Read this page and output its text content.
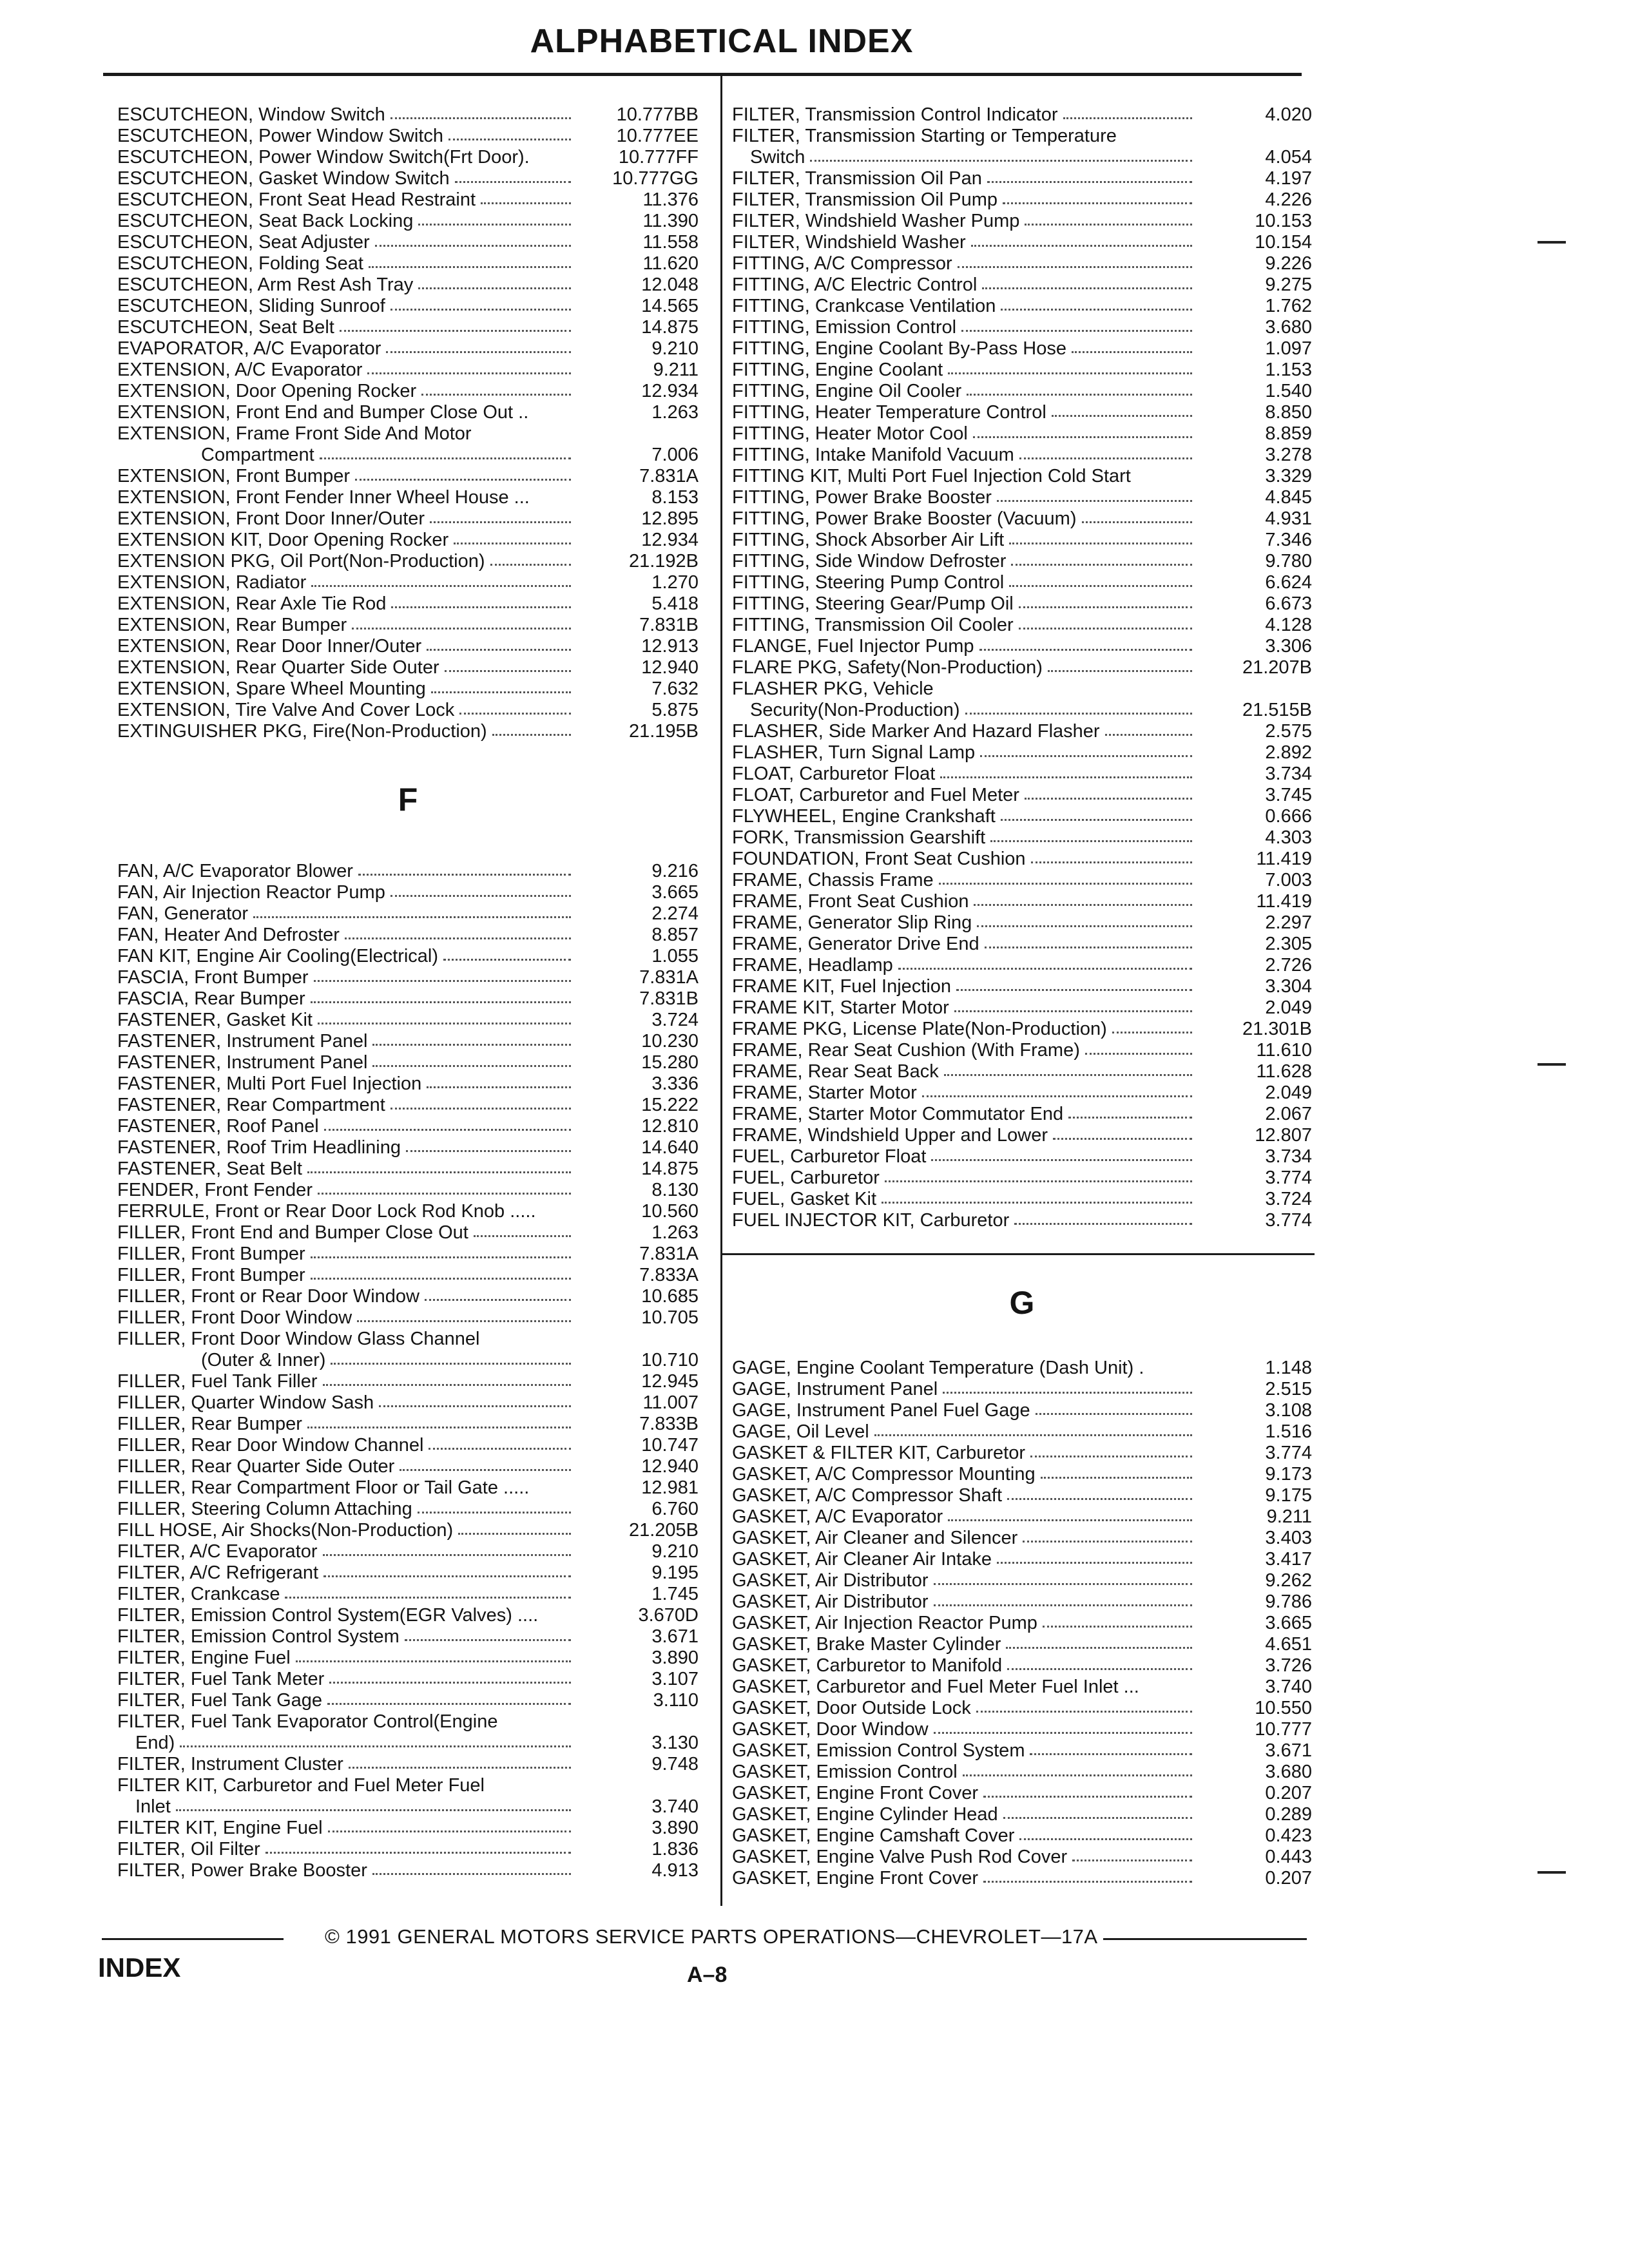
ALPHABETICAL INDEX
ESCUTCHEON, Window Switch	10.777BB
ESCUTCHEON, Power Window Switch	10.777EE
ESCUTCHEON, Power Window Switch(Frt Door).	10.777FF
ESCUTCHEON, Gasket Window Switch	10.777GG
ESCUTCHEON, Front Seat Head Restraint	11.376
ESCUTCHEON, Seat Back Locking	11.390
ESCUTCHEON, Seat Adjuster	11.558
ESCUTCHEON, Folding Seat	11.620
ESCUTCHEON, Arm Rest Ash Tray	12.048
ESCUTCHEON, Sliding Sunroof	14.565
ESCUTCHEON, Seat Belt	14.875
EVAPORATOR, A/C Evaporator	9.210
EXTENSION, A/C Evaporator	9.211
EXTENSION, Door Opening Rocker	12.934
EXTENSION, Front End and Bumper Close Out ..	1.263
EXTENSION, Frame Front Side And Motor
Compartment	7.006
EXTENSION, Front Bumper	7.831A
EXTENSION, Front Fender Inner Wheel House ...	8.153
EXTENSION, Front Door Inner/Outer	12.895
EXTENSION KIT, Door Opening Rocker	12.934
EXTENSION PKG, Oil Port(Non-Production)	21.192B
EXTENSION, Radiator	1.270
EXTENSION, Rear Axle Tie Rod	5.418
EXTENSION, Rear Bumper	7.831B
EXTENSION, Rear Door Inner/Outer	12.913
EXTENSION, Rear Quarter Side Outer	12.940
EXTENSION, Spare Wheel Mounting	7.632
EXTENSION, Tire Valve And Cover Lock	5.875
EXTINGUISHER PKG, Fire(Non-Production)	21.195B
F
FAN, A/C Evaporator Blower	9.216
FAN, Air Injection Reactor Pump	3.665
FAN, Generator	2.274
FAN, Heater And Defroster	8.857
FAN KIT, Engine Air Cooling(Electrical)	1.055
FASCIA, Front Bumper	7.831A
FASCIA, Rear Bumper	7.831B
FASTENER, Gasket Kit	3.724
FASTENER, Instrument Panel	10.230
FASTENER, Instrument Panel	15.280
FASTENER, Multi Port Fuel Injection	3.336
FASTENER, Rear Compartment	15.222
FASTENER, Roof Panel	12.810
FASTENER, Roof Trim Headlining	14.640
FASTENER, Seat Belt	14.875
FENDER, Front Fender	8.130
FERRULE, Front or Rear Door Lock Rod Knob .....	10.560
FILLER, Front End and Bumper Close Out	1.263
FILLER, Front Bumper	7.831A
FILLER, Front Bumper	7.833A
FILLER, Front or Rear Door Window	10.685
FILLER, Front Door Window	10.705
FILLER, Front Door Window Glass Channel
(Outer & Inner)	10.710
FILLER, Fuel Tank Filler	12.945
FILLER, Quarter Window Sash	11.007
FILLER, Rear Bumper	7.833B
FILLER, Rear Door Window Channel	10.747
FILLER, Rear Quarter Side Outer	12.940
FILLER, Rear Compartment Floor or Tail Gate .....	12.981
FILLER, Steering Column Attaching	6.760
FILL HOSE, Air Shocks(Non-Production)	21.205B
FILTER, A/C Evaporator	9.210
FILTER, A/C Refrigerant	9.195
FILTER, Crankcase	1.745
FILTER, Emission Control System(EGR Valves) ....	3.670D
FILTER, Emission Control System	3.671
FILTER, Engine Fuel	3.890
FILTER, Fuel Tank Meter	3.107
FILTER, Fuel Tank Gage	3.110
FILTER, Fuel Tank Evaporator Control(Engine
End)	3.130
FILTER, Instrument Cluster	9.748
FILTER KIT, Carburetor and Fuel Meter Fuel
Inlet	3.740
FILTER KIT, Engine Fuel	3.890
FILTER, Oil Filter	1.836
FILTER, Power Brake Booster	4.913
FILTER, Transmission Control Indicator	4.020
FILTER, Transmission Starting or Temperature
Switch	4.054
FILTER, Transmission Oil Pan	4.197
FILTER, Transmission Oil Pump	4.226
FILTER, Windshield Washer Pump	10.153
FILTER, Windshield Washer	10.154
FITTING, A/C Compressor	9.226
FITTING, A/C Electric Control	9.275
FITTING, Crankcase Ventilation	1.762
FITTING, Emission Control	3.680
FITTING, Engine Coolant By-Pass Hose	1.097
FITTING, Engine Coolant	1.153
FITTING, Engine Oil Cooler	1.540
FITTING, Heater Temperature Control	8.850
FITTING, Heater Motor Cool	8.859
FITTING, Intake Manifold Vacuum	3.278
FITTING KIT, Multi Port Fuel Injection Cold Start	3.329
FITTING, Power Brake Booster	4.845
FITTING, Power Brake Booster (Vacuum)	4.931
FITTING, Shock Absorber Air Lift	7.346
FITTING, Side Window Defroster	9.780
FITTING, Steering Pump Control	6.624
FITTING, Steering Gear/Pump Oil	6.673
FITTING, Transmission Oil Cooler	4.128
FLANGE, Fuel Injector Pump	3.306
FLARE PKG, Safety(Non-Production)	21.207B
FLASHER PKG, Vehicle
Security(Non-Production)	21.515B
FLASHER, Side Marker And Hazard Flasher	2.575
FLASHER, Turn Signal Lamp	2.892
FLOAT, Carburetor Float	3.734
FLOAT, Carburetor and Fuel Meter	3.745
FLYWHEEL, Engine Crankshaft	0.666
FORK, Transmission Gearshift	4.303
FOUNDATION, Front Seat Cushion	11.419
FRAME, Chassis Frame	7.003
FRAME, Front Seat Cushion	11.419
FRAME, Generator Slip Ring	2.297
FRAME, Generator Drive End	2.305
FRAME, Headlamp	2.726
FRAME KIT, Fuel Injection	3.304
FRAME KIT, Starter Motor	2.049
FRAME PKG, License Plate(Non-Production)	21.301B
FRAME, Rear Seat Cushion (With Frame)	11.610
FRAME, Rear Seat Back	11.628
FRAME, Starter Motor	2.049
FRAME, Starter Motor Commutator End	2.067
FRAME, Windshield Upper and Lower	12.807
FUEL, Carburetor Float	3.734
FUEL, Carburetor	3.774
FUEL, Gasket Kit	3.724
FUEL INJECTOR KIT, Carburetor	3.774
G
GAGE, Engine Coolant Temperature (Dash Unit) .	1.148
GAGE, Instrument Panel	2.515
GAGE, Instrument Panel Fuel Gage	3.108
GAGE, Oil Level	1.516
GASKET & FILTER KIT, Carburetor	3.774
GASKET, A/C Compressor Mounting	9.173
GASKET, A/C Compressor Shaft	9.175
GASKET, A/C Evaporator	9.211
GASKET, Air Cleaner and Silencer	3.403
GASKET, Air Cleaner Air Intake	3.417
GASKET, Air Distributor	9.262
GASKET, Air Distributor	9.786
GASKET, Air Injection Reactor Pump	3.665
GASKET, Brake Master Cylinder	4.651
GASKET, Carburetor to Manifold	3.726
GASKET, Carburetor and Fuel Meter Fuel Inlet ...	3.740
GASKET, Door Outside Lock	10.550
GASKET, Door Window	10.777
GASKET, Emission Control System	3.671
GASKET, Emission Control	3.680
GASKET, Engine Front Cover	0.207
GASKET, Engine Cylinder Head	0.289
GASKET, Engine Camshaft Cover	0.423
GASKET, Engine Valve Push Rod Cover	0.443
GASKET, Engine Front Cover	0.207
© 1991 GENERAL MOTORS SERVICE PARTS OPERATIONS—CHEVROLET—17A
INDEX	A–8
